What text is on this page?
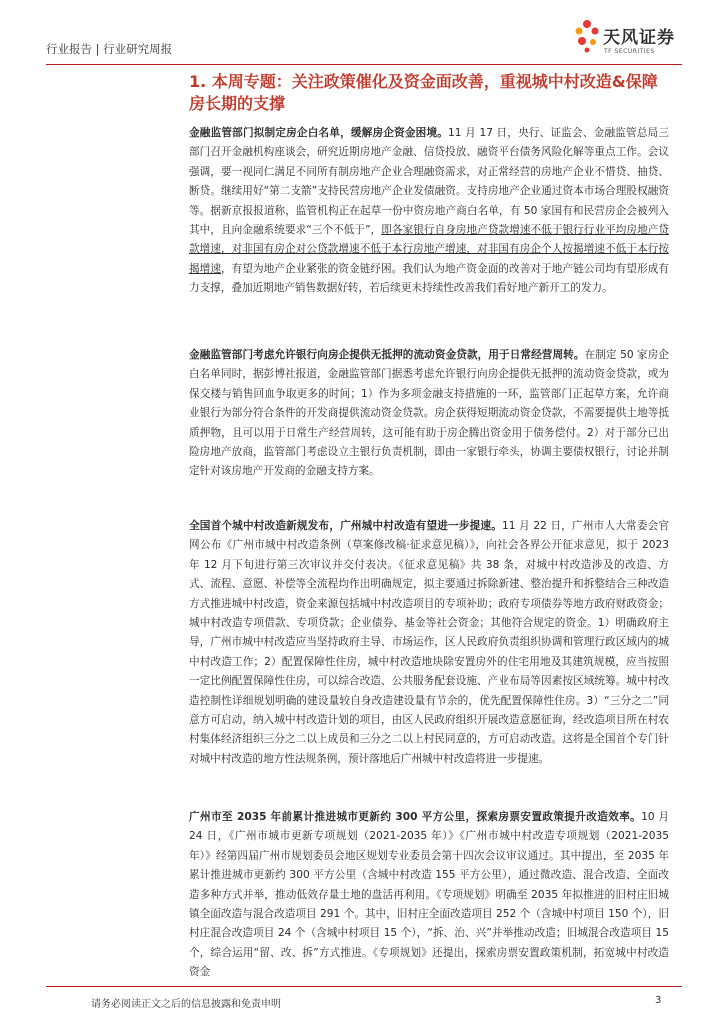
行业报告 | 行业研究周报
天风证券
TF SECURITIES
1. 本周专题：关注政策催化及资金面改善，重视城中村改造&保障房长期的支撑
金融监管部门拟制定房企白名单，缓解房企资金困境。11 月 17 日，央行、证监会、金融监管总局三部门召开金融机构座谈会，研究近期房地产金融、信贷投放、融资平台债务风险化解等重点工作。会议强调，要一视同仁满足不同所有制房地产企业合理融资需求，对正常经营的房地产企业不惜贷、抽贷、断贷。继续用好“第二支箭”支持民营房地产企业发债融资。支持房地产企业通过资本市场合理股权融资等。据新京报报道称，监管机构正在起草一份中资房地产商白名单，有 50 家国有和民营房企会被列入其中，且向金融系统要求“三个不低于”，即各家银行自身房地产贷款增速不低于银行行业平均房地产贷款增速，对非国有房企对公贷款增速不低于本行房地产增速，对非国有房企个人按揭增速不低于本行按揭增速，有望为地产企业紧张的资金链纾困。我们认为地产资金面的改善对于地产链公司均有望形成有力支撑，叠加近期地产销售数据好转，若后续更未持续性改善我们看好地产新开工的发力。
金融监管部门考虑允许银行向房企提供无抵押的流动资金贷款，用于日常经营周转。在制定 50 家房企白名单同时，据彭博社报道，金融监管部门据悉考虑允许银行向房企提供无抵押的流动资金贷款，或为保交楼与销售回血争取更多的时间；1）作为多项金融支持措施的一环，监管部门正起草方案，允许商业银行为部分符合条件的开发商提供流动资金贷款。房企获得短期流动资金贷款，不需要提供土地等抵质押物，且可以用于日常生产经营周转，这可能有助于房企腾出资金用于债务偿付。2）对于部分已出险房地产放商，监管部门考虑设立主银行负责机制，即由一家银行牵头，协调主要债权银行，讨论并制定针对该房地产开发商的金融支持方案。
全国首个城中村改造新规发布，广州城中村改造有望进一步提速。11 月 22 日，广州市人大常委会官网公布《广州市城中村改造条例（草案修改稿·征求意见稿）》，向社会各界公开征求意见，拟于 2023 年 12 月下旬进行第三次审议并交付表决。《征求意见稿》共 38 条，对城中村改造涉及的改造、方式、流程、意愿、补偿等全流程均作出明确规定，拟主要通过拆除新建、整治提升和拆整结合三种改造方式推进城中村改造，资金来源包括城中村改造项目的专项补助；政府专项债券等地方政府财政资金；城中村改造专项借款、专项贷款；企业债券、基金等社会资金；其他符合规定的资金。1）明确政府主导，广州市城中村改造应当坚持政府主导、市场运作，区人民政府负责组织协调和管理行政区域内的城中村改造工作；2）配置保障性住房，城中村改造地块除安置房外的住宅用地及其建筑规模，应当按照一定比例配置保障性住房，可以综合改造、公共服务配套设施、产业布局等因素按区域统筹。城中村改造控制性详细规划明确的建设量较自身改造建设量有节余的，优先配置保障性住房。3）“三分之二”同意方可启动，纳入城中村改造计划的项目，由区人民政府组织开展改造意愿征询，经改造项目所在村农村集体经济组织三分之二以上成员和三分之二以上村民同意的，方可启动改造。这将是全国首个专门针对城中村改造的地方性法规条例，预计落地后广州城中村改造将进一步提速。
广州市至 2035 年前累计推进城市更新约 300 平方公里，探索房票安置政策提升改造效率。10 月 24 日，《广州市城市更新专项规划（2021-2035 年）》《广州市城中村改造专项规划（2021-2035 年）》经第四届广州市规划委员会地区规划专业委员会第十四次会议审议通过。其中提出，至 2035 年累计推进城市更新约 300 平方公里（含城中村改造 155 平方公里），通过微改造、混合改造、全面改造多种方式并举，推动低效存量土地的盘活再利用。《专项规划》明确至 2035 年拟推进的旧村庄旧城镇全面改造与混合改造项目 291 个。其中，旧村庄全面改造项目 252 个（含城中村项目 150 个），旧村庄混合改造项目 24 个（含城中村项目 15 个），“拆、治、兴”并举推动改造；旧城混合改造项目 15 个，综合运用“留、改、拆”方式推进。《专项规划》还提出，探索房票安置政策机制，拓宽城中村改造资金
请务必阅读正文之后的信息披露和免责申明	3
